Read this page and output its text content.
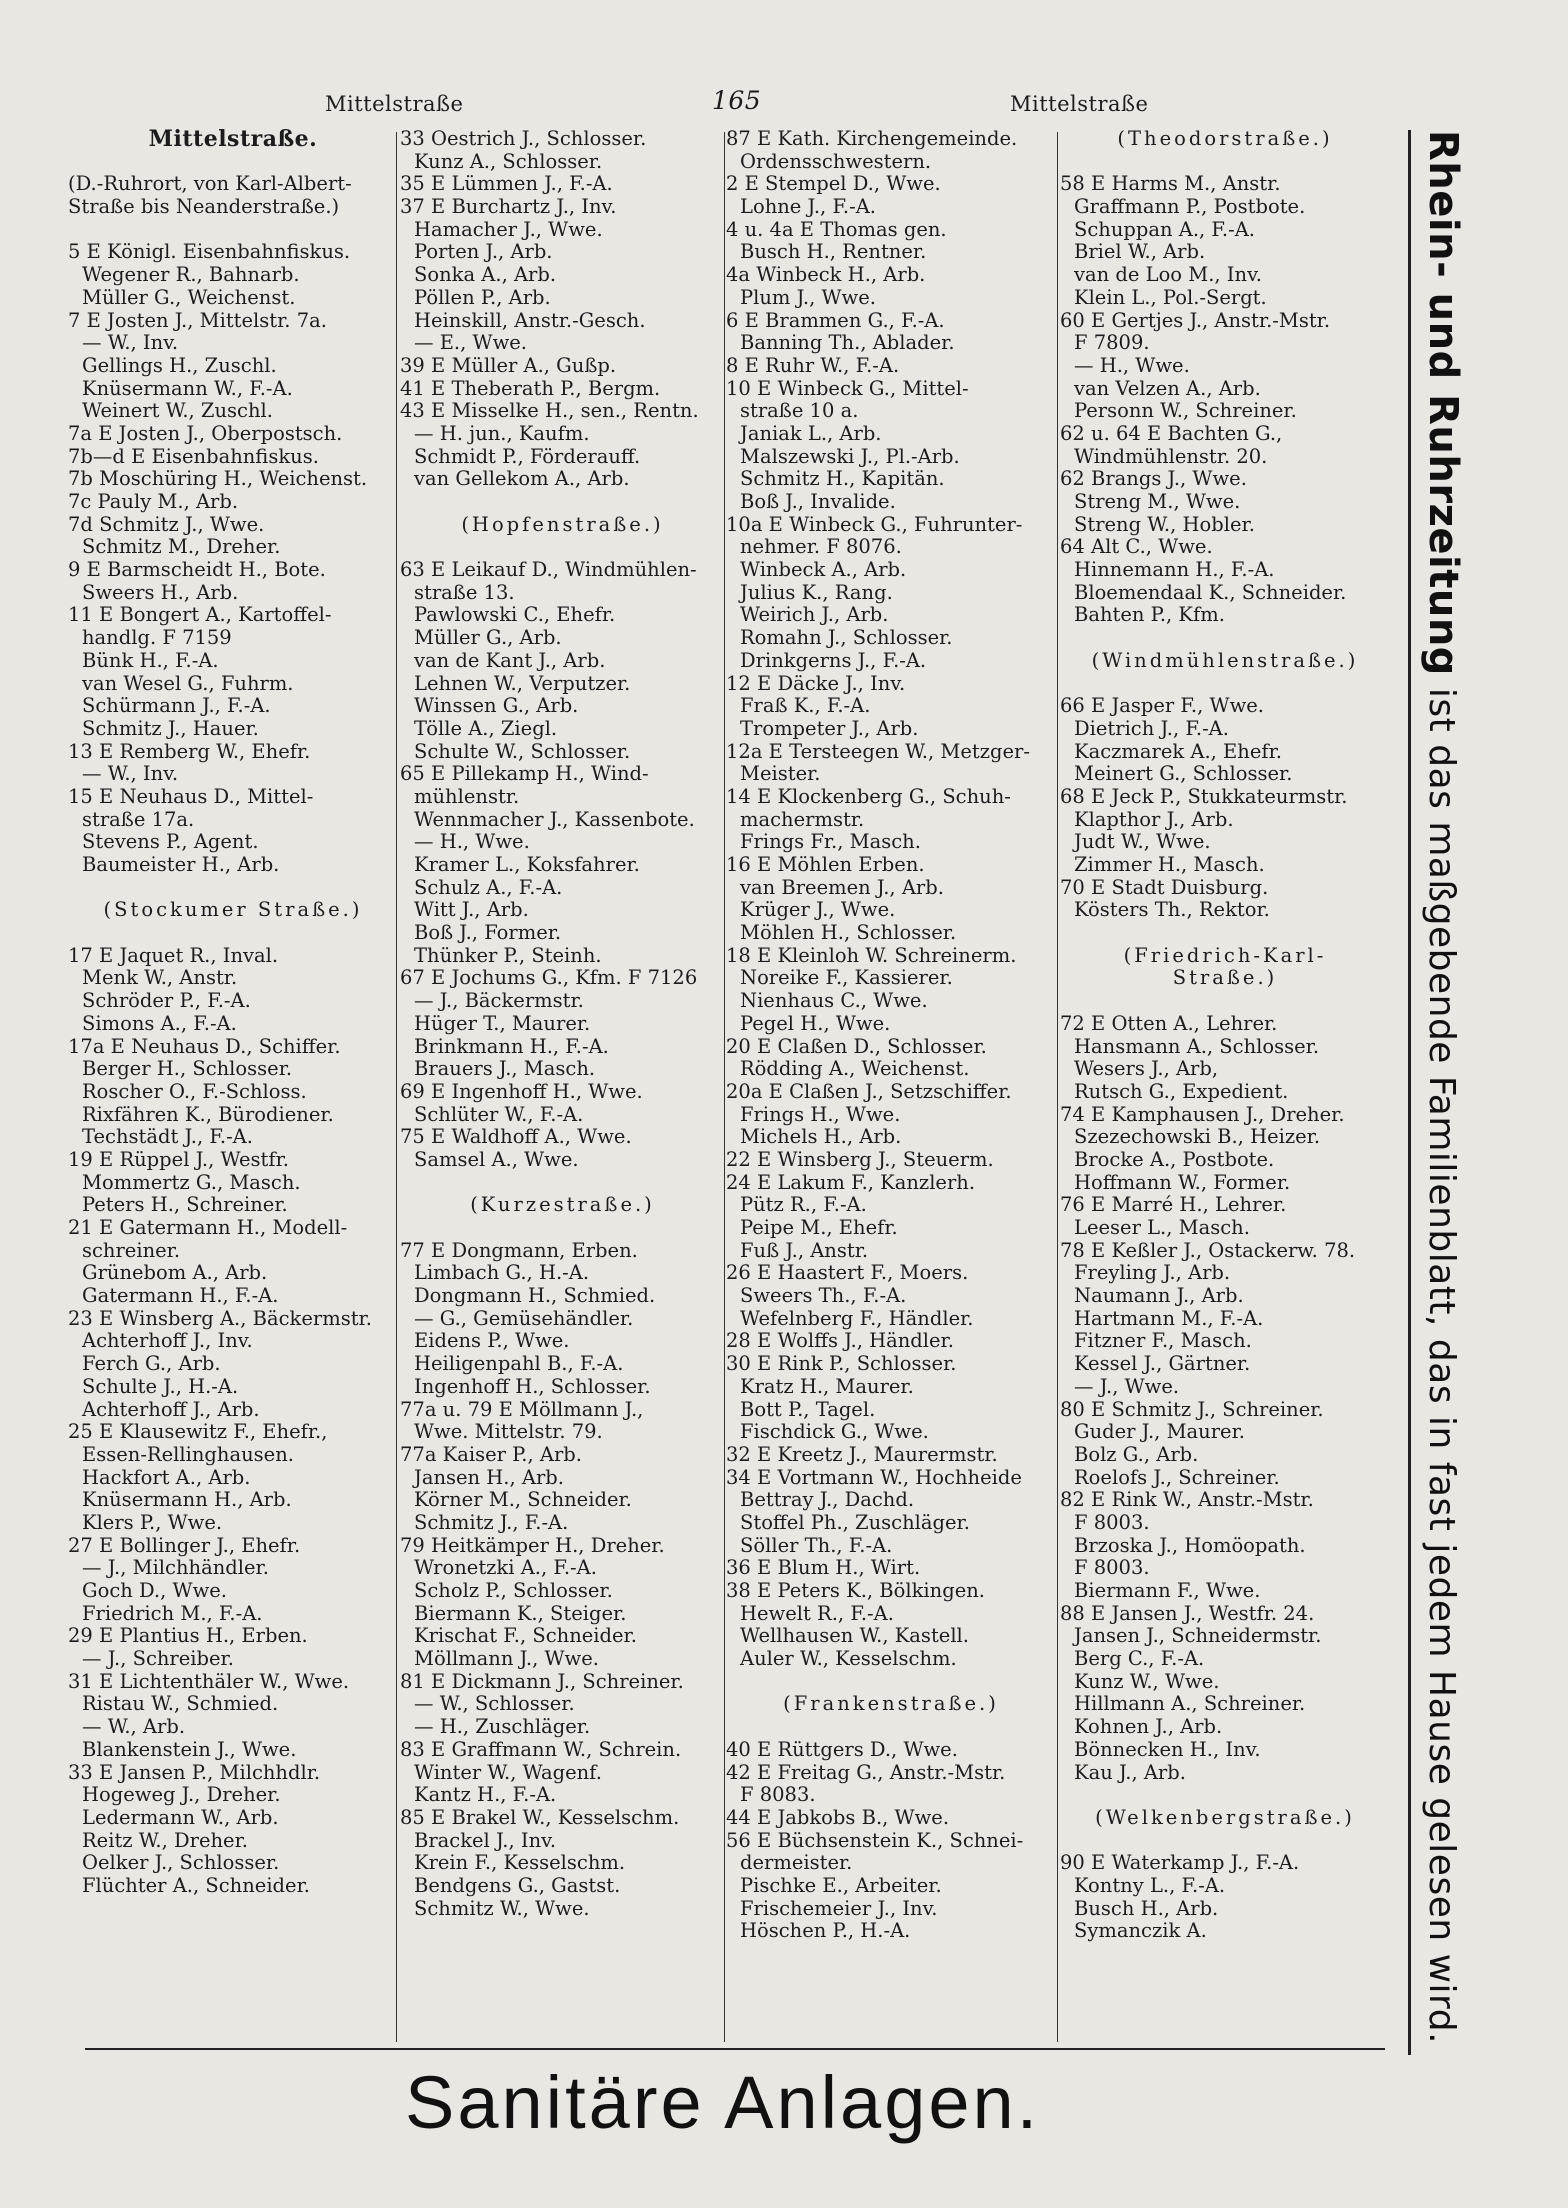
Mittelstraße	165	Mittelstraße
Mittelstraße.
(D.-Ruhrort, von Karl-Albert-
Straße bis Neanderstraße.)
5 E Königl. Eisenbahnfiskus.
Wegener R., Bahnarb.
Müller G., Weichenst.
7 E Josten J., Mittelstr. 7a.
— W., Inv.
Gellings H., Zuschl.
Knüsermann W., F.-A.
Weinert W., Zuschl.
7a E Josten J., Oberpostsch.
7b—d E Eisenbahnfiskus.
7b Moschüring H., Weichenst.
7c Pauly M., Arb.
7d Schmitz J., Wwe.
Schmitz M., Dreher.
9 E Barmscheidt H., Bote.
Sweers H., Arb.
11 E Bongert A., Kartoffel-
handlg. F 7159
Bünk H., F.-A.
van Wesel G., Fuhrm.
Schürmann J., F.-A.
Schmitz J., Hauer.
13 E Remberg W., Ehefr.
— W., Inv.
15 E Neuhaus D., Mittel-
straße 17a.
Stevens P., Agent.
Baumeister H., Arb.
(Stockumer Straße.)
17 E Jaquet R., Inval.
Menk W., Anstr.
Schröder P., F.-A.
Simons A., F.-A.
17a E Neuhaus D., Schiffer.
Berger H., Schlosser.
Roscher O., F.-Schloss.
Rixfähren K., Bürodiener.
Techstädt J., F.-A.
19 E Rüppel J., Westfr.
Mommertz G., Masch.
Peters H., Schreiner.
21 E Gatermann H., Modell-
schreiner.
Grünebom A., Arb.
Gatermann H., F.-A.
23 E Winsberg A., Bäckermstr.
Achterhoff J., Inv.
Ferch G., Arb.
Schulte J., H.-A.
Achterhoff J., Arb.
25 E Klausewitz F., Ehefr.,
Essen-Rellinghausen.
Hackfort A., Arb.
Knüsermann H., Arb.
Klers P., Wwe.
27 E Bollinger J., Ehefr.
— J., Milchhändler.
Goch D., Wwe.
Friedrich M., F.-A.
29 E Plantius H., Erben.
— J., Schreiber.
31 E Lichtenthäler W., Wwe.
Ristau W., Schmied.
— W., Arb.
Blankenstein J., Wwe.
33 E Jansen P., Milchhdlr.
Hogeweg J., Dreher.
Ledermann W., Arb.
Reitz W., Dreher.
Oelker J., Schlosser.
Flüchter A., Schneider.
33 Oestrich J., Schlosser.
Kunz A., Schlosser.
35 E Lümmen J., F.-A.
37 E Burchartz J., Inv.
Hamacher J., Wwe.
Porten J., Arb.
Sonka A., Arb.
Pöllen P., Arb.
Heinskill, Anstr.-Gesch.
— E., Wwe.
39 E Müller A., Gußp.
41 E Theberath P., Bergm.
43 E Misselke H., sen., Rentn.
— H. jun., Kaufm.
Schmidt P., Förderauff.
van Gellekom A., Arb.
(Hopfenstraße.)
63 E Leikauf D., Windmühlen-
straße 13.
Pawlowski C., Ehefr.
Müller G., Arb.
van de Kant J., Arb.
Lehnen W., Verputzer.
Winssen G., Arb.
Tölle A., Ziegl.
Schulte W., Schlosser.
65 E Pillekamp H., Wind-
mühlenstr.
Wennmacher J., Kassenbote.
— H., Wwe.
Kramer L., Koksfahrer.
Schulz A., F.-A.
Witt J., Arb.
Boß J., Former.
Thünker P., Steinh.
67 E Jochums G., Kfm. F 7126
— J., Bäckermstr.
Hüger T., Maurer.
Brinkmann H., F.-A.
Brauers J., Masch.
69 E Ingenhoff H., Wwe.
Schlüter W., F.-A.
75 E Waldhoff A., Wwe.
Samsel A., Wwe.
(Kurzestraße.)
77 E Dongmann, Erben.
Limbach G., H.-A.
Dongmann H., Schmied.
— G., Gemüsehändler.
Eidens P., Wwe.
Heiligenpahl B., F.-A.
Ingenhoff H., Schlosser.
77a u. 79 E Möllmann J.,
Wwe. Mittelstr. 79.
77a Kaiser P., Arb.
Jansen H., Arb.
Körner M., Schneider.
Schmitz J., F.-A.
79 Heitkämper H., Dreher.
Wronetzki A., F.-A.
Scholz P., Schlosser.
Biermann K., Steiger.
Krischat F., Schneider.
Möllmann J., Wwe.
81 E Dickmann J., Schreiner.
— W., Schlosser.
— H., Zuschläger.
83 E Graffmann W., Schrein.
Winter W., Wagenf.
Kantz H., F.-A.
85 E Brakel W., Kesselschm.
Brackel J., Inv.
Krein F., Kesselschm.
Bendgens G., Gastst.
Schmitz W., Wwe.
87 E Kath. Kirchengemeinde.
Ordensschwestern.
2 E Stempel D., Wwe.
Lohne J., F.-A.
4 u. 4a E Thomas gen.
Busch H., Rentner.
4a Winbeck H., Arb.
Plum J., Wwe.
6 E Brammen G., F.-A.
Banning Th., Ablader.
8 E Ruhr W., F.-A.
10 E Winbeck G., Mittel-
straße 10 a.
Janiak L., Arb.
Malszewski J., Pl.-Arb.
Schmitz H., Kapitän.
Boß J., Invalide.
10a E Winbeck G., Fuhrunter-
nehmer. F 8076.
Winbeck A., Arb.
Julius K., Rang.
Weirich J., Arb.
Romahn J., Schlosser.
Drinkgerns J., F.-A.
12 E Däcke J., Inv.
Fraß K., F.-A.
Trompeter J., Arb.
12a E Tersteegen W., Metzger-
Meister.
14 E Klockenberg G., Schuh-
machermstr.
Frings Fr., Masch.
16 E Möhlen Erben.
van Breemen J., Arb.
Krüger J., Wwe.
Möhlen H., Schlosser.
18 E Kleinloh W. Schreinerm.
Noreike F., Kassierer.
Nienhaus C., Wwe.
Pegel H., Wwe.
20 E Claßen D., Schlosser.
Rödding A., Weichenst.
20a E Claßen J., Setzschiffer.
Frings H., Wwe.
Michels H., Arb.
22 E Winsberg J., Steuerm.
24 E Lakum F., Kanzlerh.
Pütz R., F.-A.
Peipe M., Ehefr.
Fuß J., Anstr.
26 E Haastert F., Moers.
Sweers Th., F.-A.
Wefelnberg F., Händler.
28 E Wolffs J., Händler.
30 E Rink P., Schlosser.
Kratz H., Maurer.
Bott P., Tagel.
Fischdick G., Wwe.
32 E Kreetz J., Maurermstr.
34 E Vortmann W., Hochheide
Bettray J., Dachd.
Stoffel Ph., Zuschläger.
Söller Th., F.-A.
36 E Blum H., Wirt.
38 E Peters K., Bölkingen.
Hewelt R., F.-A.
Wellhausen W., Kastell.
Auler W., Kesselschm.
(Frankenstraße.)
40 E Rüttgers D., Wwe.
42 E Freitag G., Anstr.-Mstr.
F 8083.
44 E Jabkobs B., Wwe.
56 E Büchsenstein K., Schnei-
dermeister.
Pischke E., Arbeiter.
Frischemeier J., Inv.
Höschen P., H.-A.
(Theodorstraße.)
58 E Harms M., Anstr.
Graffmann P., Postbote.
Schuppan A., F.-A.
Briel W., Arb.
van de Loo M., Inv.
Klein L., Pol.-Sergt.
60 E Gertjes J., Anstr.-Mstr.
F 7809.
— H., Wwe.
van Velzen A., Arb.
Personn W., Schreiner.
62 u. 64 E Bachten G.,
Windmühlenstr. 20.
62 Brangs J., Wwe.
Streng M., Wwe.
Streng W., Hobler.
64 Alt C., Wwe.
Hinnemann H., F.-A.
Bloemendaal K., Schneider.
Bahten P., Kfm.
(Windmühlenstraße.)
66 E Jasper F., Wwe.
Dietrich J., F.-A.
Kaczmarek A., Ehefr.
Meinert G., Schlosser.
68 E Jeck P., Stukkateurmstr.
Klapthor J., Arb.
Judt W., Wwe.
Zimmer H., Masch.
70 E Stadt Duisburg.
Kösters Th., Rektor.
(Friedrich-Karl-
Straße.)
72 E Otten A., Lehrer.
Hansmann A., Schlosser.
Wesers J., Arb,
Rutsch G., Expedient.
74 E Kamphausen J., Dreher.
Szezechowski B., Heizer.
Brocke A., Postbote.
Hoffmann W., Former.
76 E Marré H., Lehrer.
Leeser L., Masch.
78 E Keßler J., Ostackerw. 78.
Freyling J., Arb.
Naumann J., Arb.
Hartmann M., F.-A.
Fitzner F., Masch.
Kessel J., Gärtner.
— J., Wwe.
80 E Schmitz J., Schreiner.
Guder J., Maurer.
Bolz G., Arb.
Roelofs J., Schreiner.
82 E Rink W., Anstr.-Mstr.
F 8003.
Brzoska J., Homöopath.
F 8003.
Biermann F., Wwe.
88 E Jansen J., Westfr. 24.
Jansen J., Schneidermstr.
Berg C., F.-A.
Kunz W., Wwe.
Hillmann A., Schreiner.
Kohnen J., Arb.
Bönnecken H., Inv.
Kau J., Arb.
(Welkenbergstraße.)
90 E Waterkamp J., F.-A.
Kontny L., F.-A.
Busch H., Arb.
Symanczik A.
Rhein- und Ruhrzeitung ist das maßgebende Familienblatt, das in fast jedem Hause gelesen wird.
Sanitäre Anlagen.
